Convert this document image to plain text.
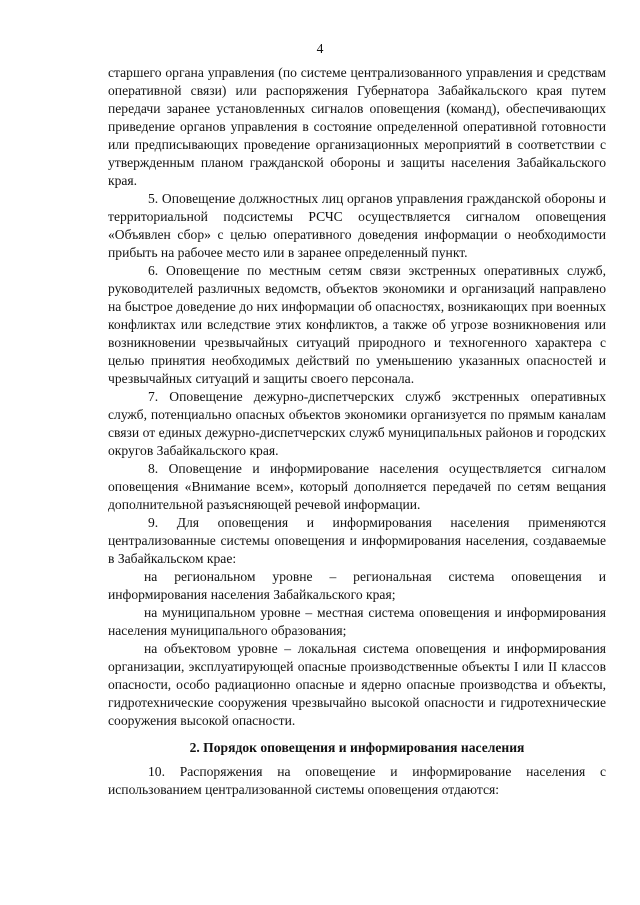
4

старшего органа управления (по системе централизованного управления и средствам оперативной связи) или распоряжения Губернатора Забайкальского края путем передачи заранее установленных сигналов оповещения (команд), обеспечивающих приведение органов управления в состояние определенной оперативной готовности или предписывающих проведение организационных мероприятий в соответствии с утвержденным планом гражданской обороны и защиты населения Забайкальского края.

5. Оповещение должностных лиц органов управления гражданской обороны и территориальной подсистемы РСЧС осуществляется сигналом оповещения «Объявлен сбор» с целью оперативного доведения информации о необходимости прибыть на рабочее место или в заранее определенный пункт.

6. Оповещение по местным сетям связи экстренных оперативных служб, руководителей различных ведомств, объектов экономики и организаций направлено на быстрое доведение до них информации об опасностях, возникающих при военных конфликтах или вследствие этих конфликтов, а также об угрозе возникновения или возникновении чрезвычайных ситуаций природного и техногенного характера с целью принятия необходимых действий по уменьшению указанных опасностей и чрезвычайных ситуаций и защиты своего персонала.

7. Оповещение дежурно-диспетчерских служб экстренных оперативных служб, потенциально опасных объектов экономики организуется по прямым каналам связи от единых дежурно-диспетчерских служб муниципальных районов и городских округов Забайкальского края.

8. Оповещение и информирование населения осуществляется сигналом оповещения «Внимание всем», который дополняется передачей по сетям вещания дополнительной разъясняющей речевой информации.

9. Для оповещения и информирования населения применяются централизованные системы оповещения и информирования населения, создаваемые в Забайкальском крае:

на региональном уровне – региональная система оповещения и информирования населения Забайкальского края;

на муниципальном уровне – местная система оповещения и информирования населения муниципального образования;

на объектовом уровне – локальная система оповещения и информирования организации, эксплуатирующей опасные производственные объекты I или II классов опасности, особо радиационно опасные и ядерно опасные производства и объекты, гидротехнические сооружения чрезвычайно высокой опасности и гидротехнические сооружения высокой опасности.

2. Порядок оповещения и информирования населения

10. Распоряжения на оповещение и информирование населения с использованием централизованной системы оповещения отдаются:
